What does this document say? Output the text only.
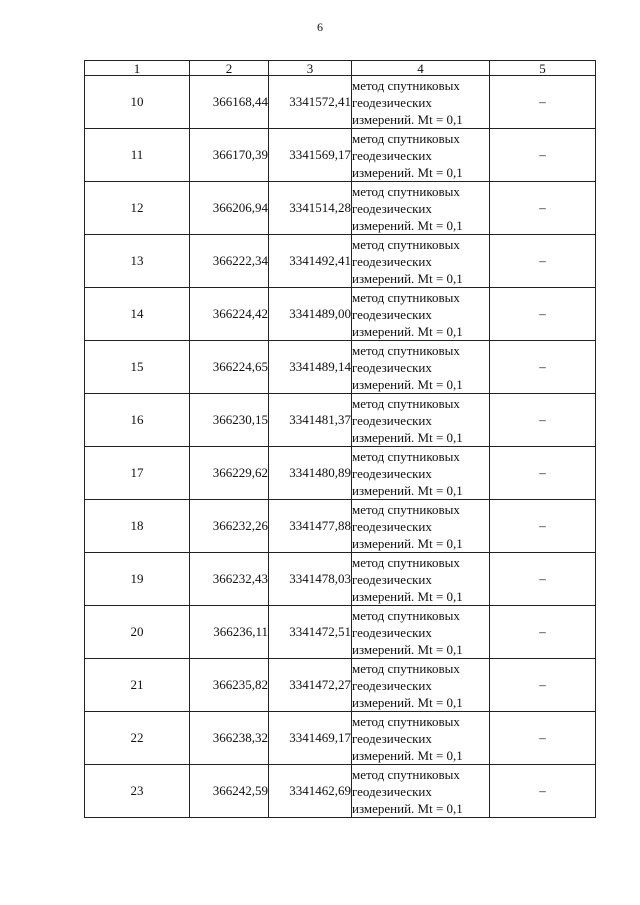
6
1	2	3	4	5
10	366168,44	3341572,41	метод спутниковых
геодезических
измерений. Mt = 0,1	–
11	366170,39	3341569,17	метод спутниковых
геодезических
измерений. Mt = 0,1	–
12	366206,94	3341514,28	метод спутниковых
геодезических
измерений. Mt = 0,1	–
13	366222,34	3341492,41	метод спутниковых
геодезических
измерений. Mt = 0,1	–
14	366224,42	3341489,00	метод спутниковых
геодезических
измерений. Mt = 0,1	–
15	366224,65	3341489,14	метод спутниковых
геодезических
измерений. Mt = 0,1	–
16	366230,15	3341481,37	метод спутниковых
геодезических
измерений. Mt = 0,1	–
17	366229,62	3341480,89	метод спутниковых
геодезических
измерений. Mt = 0,1	–
18	366232,26	3341477,88	метод спутниковых
геодезических
измерений. Mt = 0,1	–
19	366232,43	3341478,03	метод спутниковых
геодезических
измерений. Mt = 0,1	–
20	366236,11	3341472,51	метод спутниковых
геодезических
измерений. Mt = 0,1	–
21	366235,82	3341472,27	метод спутниковых
геодезических
измерений. Mt = 0,1	–
22	366238,32	3341469,17	метод спутниковых
геодезических
измерений. Mt = 0,1	–
23	366242,59	3341462,69	метод спутниковых
геодезических
измерений. Mt = 0,1	–
